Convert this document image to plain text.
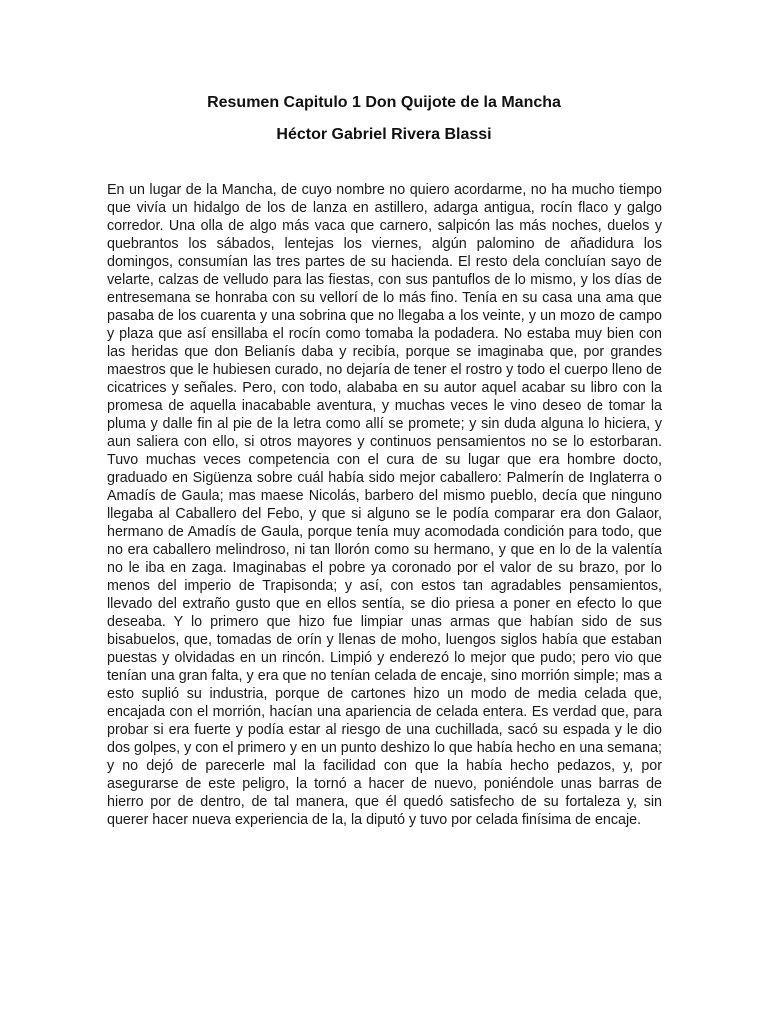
Resumen Capitulo 1 Don Quijote de la Mancha
Héctor Gabriel Rivera Blassi

En un lugar de la Mancha, de cuyo nombre no quiero acordarme, no ha mucho tiempo que vivía un hidalgo de los de lanza en astillero, adarga antigua, rocín flaco y galgo corredor. Una olla de algo más vaca que carnero, salpicón las más noches, duelos y quebrantos los sábados, lentejas los viernes, algún palomino de añadidura los domingos, consumían las tres partes de su hacienda. El resto dela concluían sayo de velarte, calzas de velludo para las fiestas, con sus pantuflos de lo mismo, y los días de entresemana se honraba con su vellorí de lo más fino. Tenía en su casa una ama que pasaba de los cuarenta y una sobrina que no llegaba a los veinte, y un mozo de campo y plaza que así ensillaba el rocín como tomaba la podadera. No estaba muy bien con las heridas que don Belianís daba y recibía, porque se imaginaba que, por grandes maestros que le hubiesen curado, no dejaría de tener el rostro y todo el cuerpo lleno de cicatrices y señales. Pero, con todo, alababa en su autor aquel acabar su libro con la promesa de aquella inacabable aventura, y muchas veces le vino deseo de tomar la pluma y dalle fin al pie de la letra como allí se promete; y sin duda alguna lo hiciera, y aun saliera con ello, si otros mayores y continuos pensamientos no se lo estorbaran. Tuvo muchas veces competencia con el cura de su lugar que era hombre docto, graduado en Sigüenza sobre cuál había sido mejor caballero: Palmerín de Inglaterra o Amadís de Gaula; mas maese Nicolás, barbero del mismo pueblo, decía que ninguno llegaba al Caballero del Febo, y que si alguno se le podía comparar era don Galaor, hermano de Amadís de Gaula, porque tenía muy acomodada condición para todo, que no era caballero melindroso, ni tan llorón como su hermano, y que en lo de la valentía no le iba en zaga. Imaginabas el pobre ya coronado por el valor de su brazo, por lo menos del imperio de Trapisonda; y así, con estos tan agradables pensamientos, llevado del extraño gusto que en ellos sentía, se dio priesa a poner en efecto lo que deseaba. Y lo primero que hizo fue limpiar unas armas que habían sido de sus bisabuelos, que, tomadas de orín y llenas de moho, luengos siglos había que estaban puestas y olvidadas en un rincón. Limpió y enderezó lo mejor que pudo; pero vio que tenían una gran falta, y era que no tenían celada de encaje, sino morrión simple; mas a esto suplió su industria, porque de cartones hizo un modo de media celada que, encajada con el morrión, hacían una apariencia de celada entera. Es verdad que, para probar si era fuerte y podía estar al riesgo de una cuchillada, sacó su espada y le dio dos golpes, y con el primero y en un punto deshizo lo que había hecho en una semana; y no dejó de parecerle mal la facilidad con que la había hecho pedazos, y, por asegurarse de este peligro, la tornó a hacer de nuevo, poniéndole unas barras de hierro por de dentro, de tal manera, que él quedó satisfecho de su fortaleza y, sin querer hacer nueva experiencia de la, la diputó y tuvo por celada finísima de encaje.
